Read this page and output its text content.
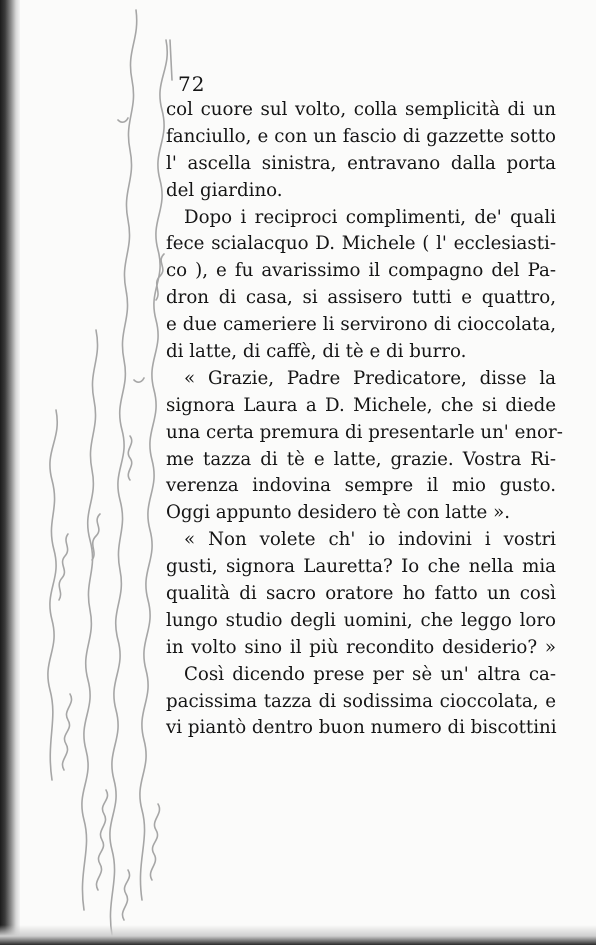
72
col cuore sul volto, colla semplicità di un
fanciullo, e con un fascio di gazzette sotto
l' ascella sinistra, entravano dalla porta
del giardino.
Dopo i reciproci complimenti, de' quali
fece scialacquo D. Michele ( l' ecclesiasti-
co ), e fu avarissimo il compagno del Pa-
dron di casa, si assisero tutti e quattro,
e due cameriere li servirono di cioccolata,
di latte, di caffè, di tè e di burro.
« Grazie, Padre Predicatore, disse la
signora Laura a D. Michele, che si diede
una certa premura di presentarle un' enor-
me tazza di tè e latte, grazie. Vostra Ri-
verenza indovina sempre il mio gusto.
Oggi appunto desidero tè con latte ».
« Non volete ch' io indovini i vostri
gusti, signora Lauretta? Io che nella mia
qualità di sacro oratore ho fatto un così
lungo studio degli uomini, che leggo loro
in volto sino il più recondito desiderio? »
Così dicendo prese per sè un' altra ca-
pacissima tazza di sodissima cioccolata, e
vi piantò dentro buon numero di biscottini
